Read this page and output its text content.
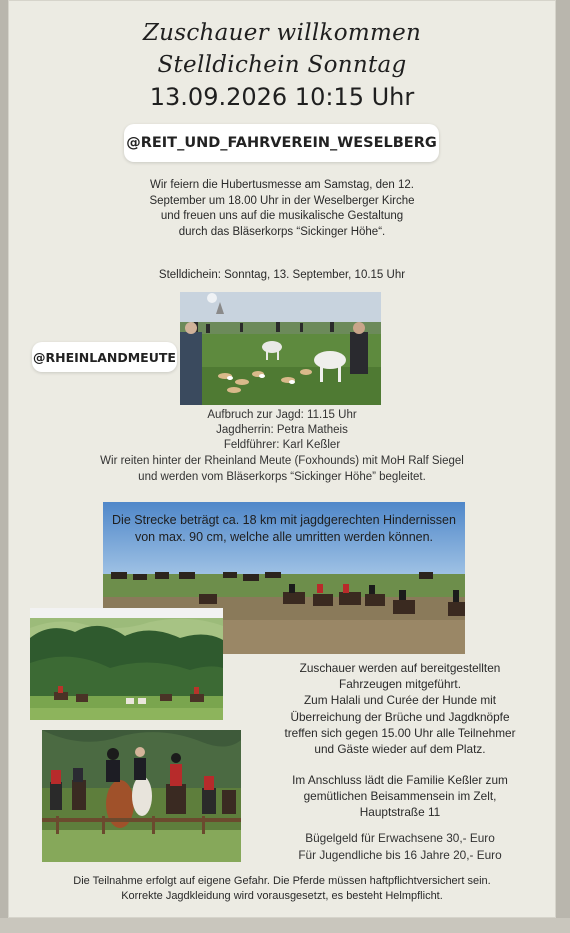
Zuschauer willkommen
Stelldichein Sonntag
13.09.2026 10:15 Uhr
@REIT_UND_FAHRVEREIN_WESELBERG
Wir feiern die Hubertusmesse am Samstag, den 12.
September um 18.00 Uhr in der Weselberger Kirche
und freuen uns auf die musikalische Gestaltung
durch das Bläserkorps “Sickinger Höhe“.
Stelldichein: Sonntag, 13. September, 10.15 Uhr
@RHEINLANDMEUTE
Aufbruch zur Jagd: 11.15 Uhr
Jagdherrin: Petra Matheis
Feldführer: Karl Keßler
Wir reiten hinter der Rheinland Meute (Foxhounds) mit MoH Ralf Siegel
und werden vom Bläserkorps “Sickinger Höhe” begleitet.
Die Strecke beträgt ca. 18 km mit jagdgerechten Hindernissen
von max. 90 cm, welche alle umritten werden können.
Zuschauer werden auf bereitgestellten
Fahrzeugen mitgeführt.
Zum Halali und Curée der Hunde mit
Überreichung der Brüche und Jagdknöpfe
treffen sich gegen 15.00 Uhr alle Teilnehmer
und Gäste wieder auf dem Platz.
Im Anschluss lädt die Familie Keßler zum
gemütlichen Beisammensein im Zelt,
Hauptstraße 11
Bügelgeld für Erwachsene 30,- Euro
Für Jugendliche bis 16 Jahre 20,- Euro
Die Teilnahme erfolgt auf eigene Gefahr. Die Pferde müssen haftpflichtversichert sein.
Korrekte Jagdkleidung wird vorausgesetzt, es besteht Helmpflicht.
